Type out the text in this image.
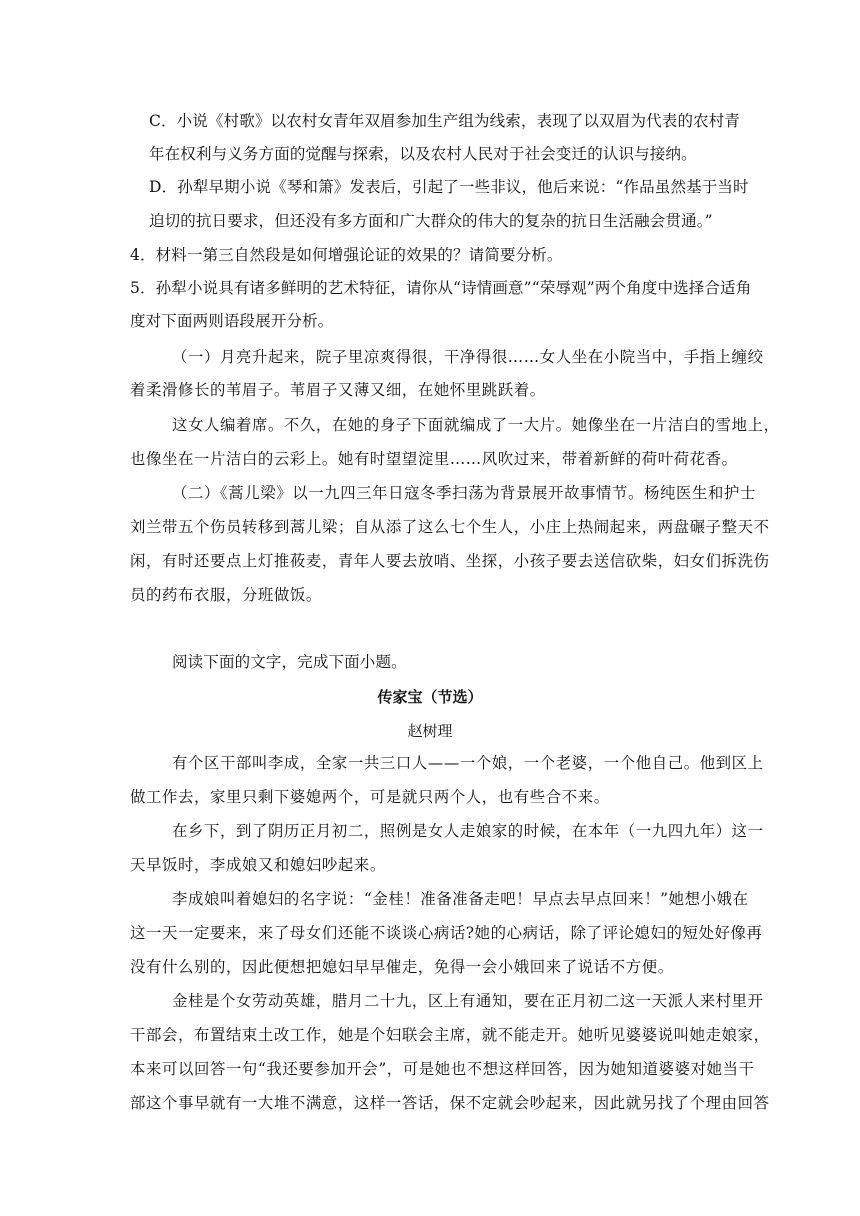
C．小说《村歌》以农村女青年双眉参加生产组为线索，表现了以双眉为代表的农村青
年在权利与义务方面的觉醒与探索，以及农村人民对于社会变迁的认识与接纳。
D．孙犁早期小说《琴和箫》发表后，引起了一些非议，他后来说：“作品虽然基于当时
迫切的抗日要求，但还没有多方面和广大群众的伟大的复杂的抗日生活融会贯通。”
4．材料一第三自然段是如何增强论证的效果的？请简要分析。
5．孙犁小说具有诸多鲜明的艺术特征，请你从“诗情画意”“荣辱观”两个角度中选择合适角
度对下面两则语段展开分析。
（一）月亮升起来，院子里凉爽得很，干净得很……女人坐在小院当中，手指上缠绞
着柔滑修长的苇眉子。苇眉子又薄又细，在她怀里跳跃着。
这女人编着席。不久，在她的身子下面就编成了一大片。她像坐在一片洁白的雪地上，
也像坐在一片洁白的云彩上。她有时望望淀里……风吹过来，带着新鲜的荷叶荷花香。
（二）《蒿儿梁》以一九四三年日寇冬季扫荡为背景展开故事情节。杨纯医生和护士
刘兰带五个伤员转移到蒿儿梁；自从添了这么七个生人，小庄上热闹起来，两盘碾子整天不
闲，有时还要点上灯推莜麦，青年人要去放哨、坐探，小孩子要去送信砍柴，妇女们拆洗伤
员的药布衣服，分班做饭。
阅读下面的文字，完成下面小题。
传家宝（节选）
赵树理
有个区干部叫李成，全家一共三口人——一个娘，一个老婆，一个他自己。他到区上
做工作去，家里只剩下婆媳两个，可是就只两个人，也有些合不来。
在乡下，到了阴历正月初二，照例是女人走娘家的时候，在本年（一九四九年）这一
天早饭时，李成娘又和媳妇吵起来。
李成娘叫着媳妇的名字说：“金桂！准备准备走吧！早点去早点回来！”她想小娥在
这一天一定要来，来了母女们还能不谈谈心病话?她的心病话，除了评论媳妇的短处好像再
没有什么别的，因此便想把媳妇早早催走，免得一会小娥回来了说话不方便。
金桂是个女劳动英雄，腊月二十九，区上有通知，要在正月初二这一天派人来村里开
干部会，布置结束土改工作，她是个妇联会主席，就不能走开。她听见婆婆说叫她走娘家，
本来可以回答一句“我还要参加开会”，可是她也不想这样回答，因为她知道婆婆对她当干
部这个事早就有一大堆不满意，这样一答话，保不定就会吵起来，因此就另找了个理由回答
